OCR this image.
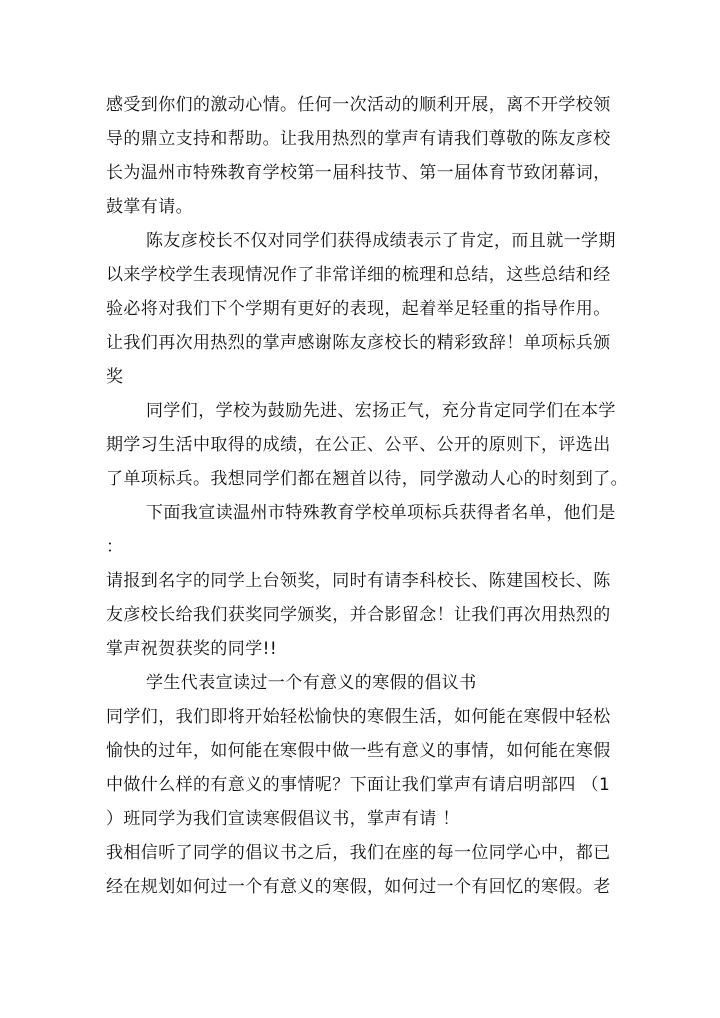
感受到你们的激动心情。任何一次活动的顺利开展，离不开学校领
导的鼎立支持和帮助。让我用热烈的掌声有请我们尊敬的陈友彦校
长为温州市特殊教育学校第一届科技节、第一届体育节致闭幕词，
鼓掌有请。
陈友彦校长不仅对同学们获得成绩表示了肯定，而且就一学期
以来学校学生表现情况作了非常详细的梳理和总结，这些总结和经
验必将对我们下个学期有更好的表现，起着举足轻重的指导作用。
让我们再次用热烈的掌声感谢陈友彦校长的精彩致辞！单项标兵颁
奖
同学们，学校为鼓励先进、宏扬正气，充分肯定同学们在本学
期学习生活中取得的成绩，在公正、公平、公开的原则下，评选出
了单项标兵。我想同学们都在翘首以待，同学激动人心的时刻到了。
下面我宣读温州市特殊教育学校单项标兵获得者名单，他们是
：
请报到名字的同学上台领奖，同时有请李科校长、陈建国校长、陈
友彦校长给我们获奖同学颁奖，并合影留念！让我们再次用热烈的
掌声祝贺获奖的同学!!
学生代表宣读过一个有意义的寒假的倡议书
同学们，我们即将开始轻松愉快的寒假生活，如何能在寒假中轻松
愉快的过年，如何能在寒假中做一些有意义的事情，如何能在寒假
中做什么样的有意义的事情呢？下面让我们掌声有请启明部四 （1
）班同学为我们宣读寒假倡议书，掌声有请 ！
我相信听了同学的倡议书之后，我们在座的每一位同学心中，都已
经在规划如何过一个有意义的寒假，如何过一个有回忆的寒假。老
